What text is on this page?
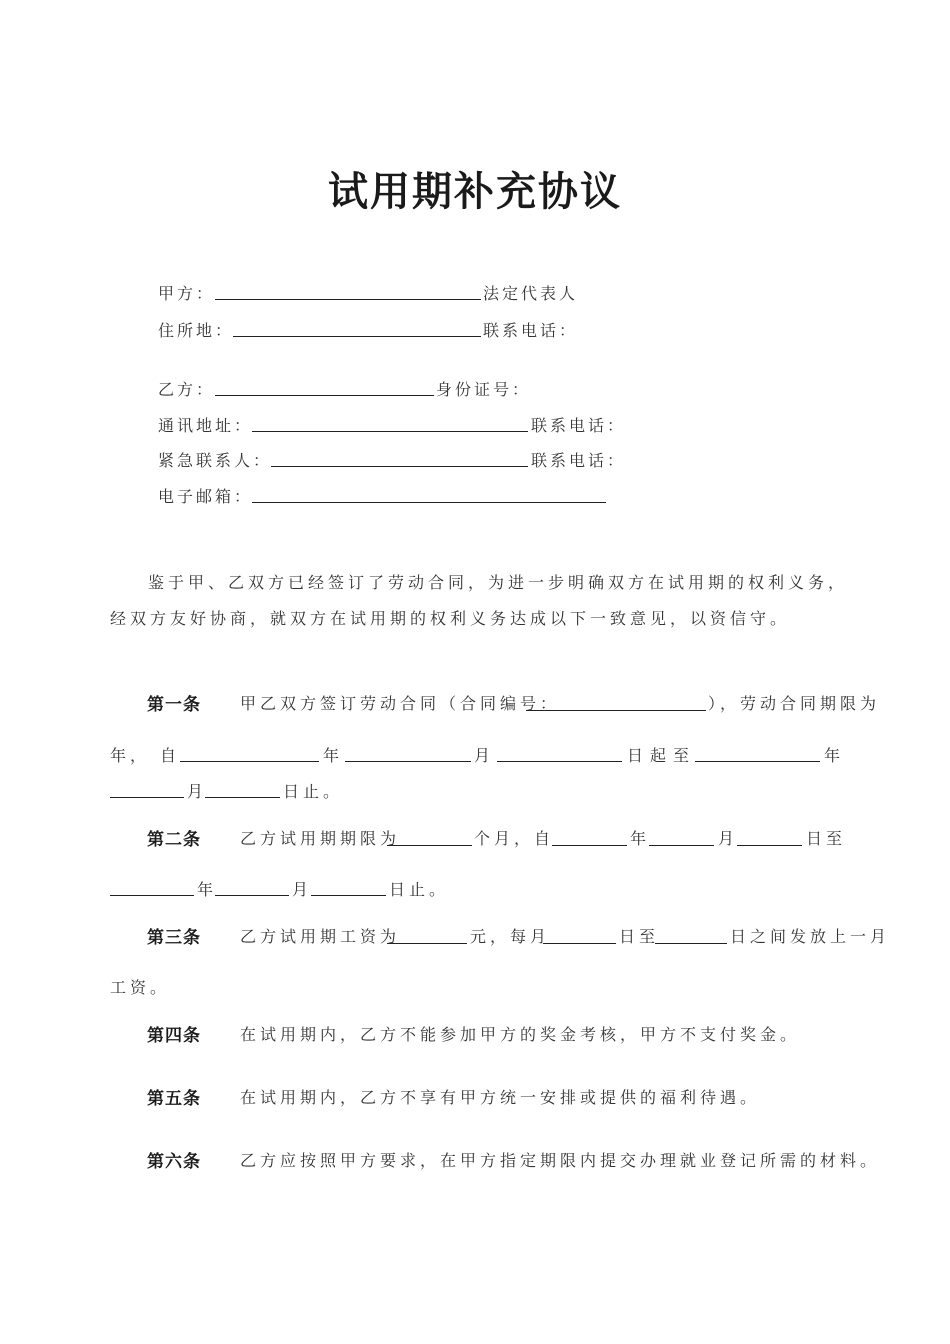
试用期补充协议
甲方：	法定代表人
住所地：	联系电话：
乙方：	身份证号：
通讯地址：	联系电话：
紧急联系人：	联系电话：
电子邮箱：
鉴于甲、乙双方已经签订了劳动合同，为进一步明确双方在试用期的权利义务，
经双方友好协商，就双方在试用期的权利义务达成以下一致意见，以资信守。
第一条 甲乙双方签订劳动合同（合同编号：	），劳动合同期限为
年， 自	年	月	日 起 至	年
月	日止。
第二条 乙方试用期期限为	个月，自	年	月	日至
年	月	日止。
第三条 乙方试用期工资为	元，每月	日至	日之间发放上一月
工资。
第四条 在试用期内，乙方不能参加甲方的奖金考核，甲方不支付奖金。
第五条 在试用期内，乙方不享有甲方统一安排或提供的福利待遇。
第六条 乙方应按照甲方要求，在甲方指定期限内提交办理就业登记所需的材料。
